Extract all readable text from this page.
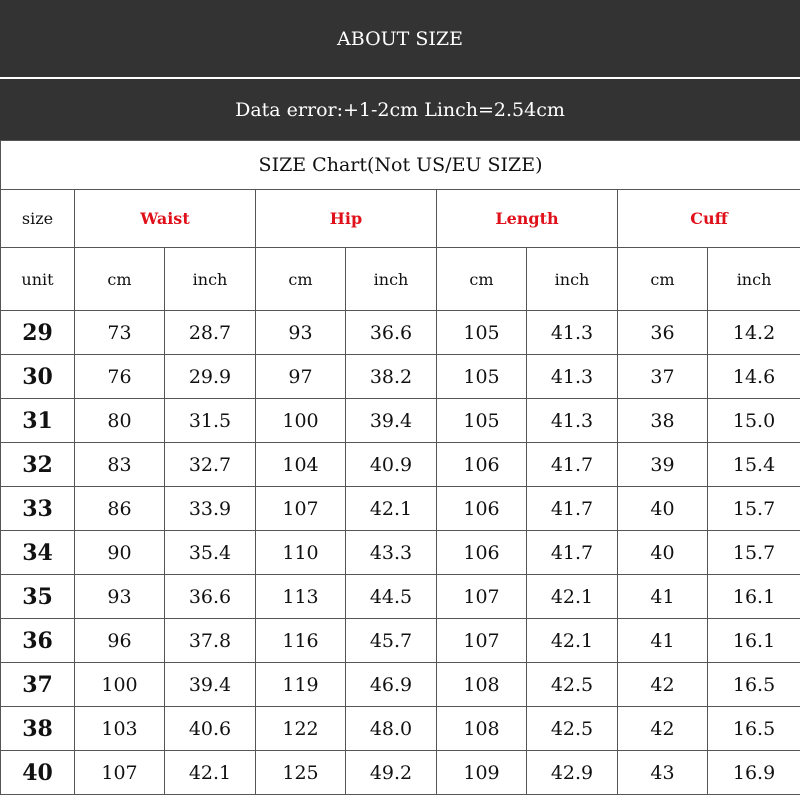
ABOUT SIZE
Data error:+1-2cm Linch=2.54cm
SIZE Chart(Not US/EU SIZE)								
size	Waist		Hip		Length		Cuff	
unit	cm	inch	cm	inch	cm	inch	cm	inch
29	73	28.7	93	36.6	105	41.3	36	14.2
30	76	29.9	97	38.2	105	41.3	37	14.6
31	80	31.5	100	39.4	105	41.3	38	15.0
32	83	32.7	104	40.9	106	41.7	39	15.4
33	86	33.9	107	42.1	106	41.7	40	15.7
34	90	35.4	110	43.3	106	41.7	40	15.7
35	93	36.6	113	44.5	107	42.1	41	16.1
36	96	37.8	116	45.7	107	42.1	41	16.1
37	100	39.4	119	46.9	108	42.5	42	16.5
38	103	40.6	122	48.0	108	42.5	42	16.5
40	107	42.1	125	49.2	109	42.9	43	16.9
